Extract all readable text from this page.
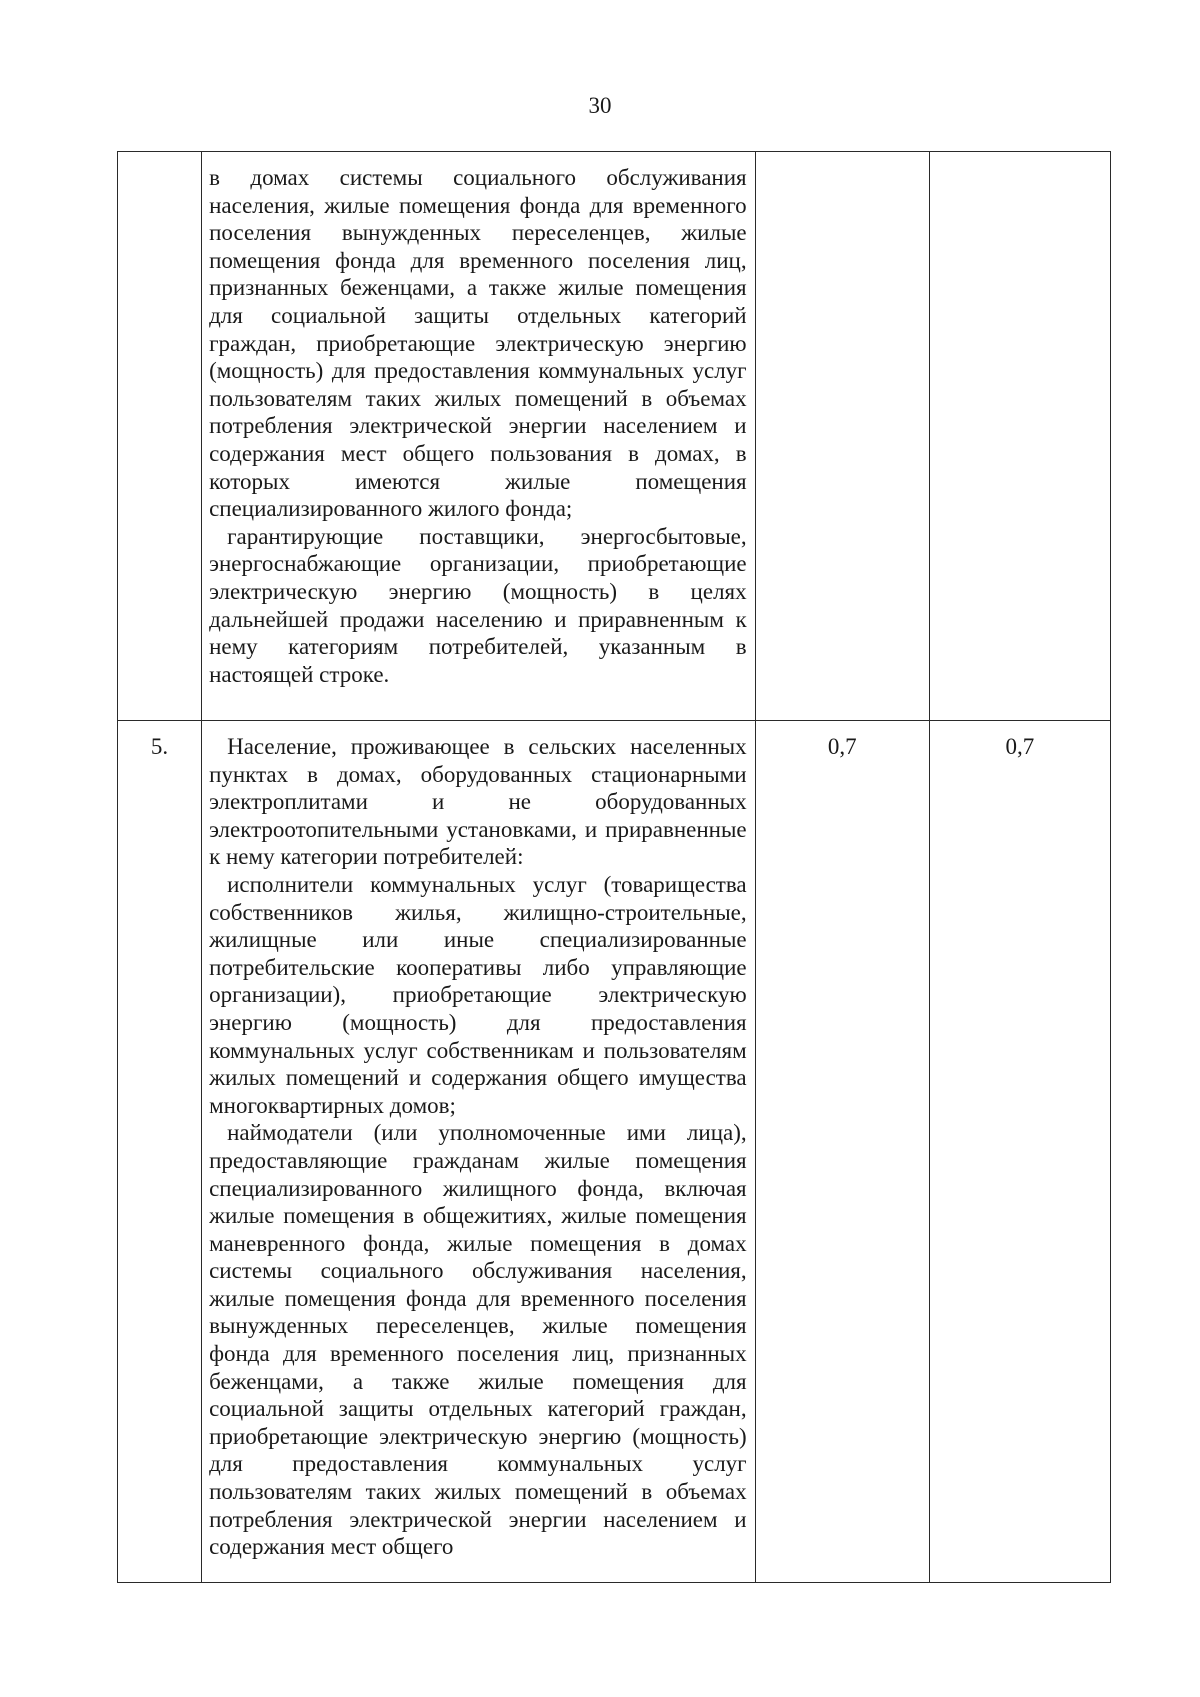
30

	в домах системы социального обслуживания населения, жилые помещения фонда для временного поселения вынужденных переселенцев, жилые помещения фонда для временного поселения лиц, признанных беженцами, а также жилые помещения для социальной защиты отдельных категорий граждан, приобретающие электрическую энергию (мощность) для предоставления коммунальных услуг пользователям таких жилых помещений в объемах потребления электрической энергии населением и содержания мест общего пользования в домах, в которых имеются жилые помещения специализированного жилого фонда;

гарантирующие поставщики, энергосбытовые, энергоснабжающие организации, приобретающие электрическую энергию (мощность) в целях дальнейшей продажи населению и приравненным к нему категориям потребителей, указанным в настоящей строке.		

5.	Население, проживающее в сельских населенных пунктах в домах, оборудованных стационарными электроплитами и не оборудованных электроотопительными установками, и приравненные к нему категории потребителей:

исполнители коммунальных услуг (товарищества собственников жилья, жилищно-строительные, жилищные или иные специализированные потребительские кооперативы либо управляющие организации), приобретающие электрическую энергию (мощность) для предоставления коммунальных услуг собственникам и пользователям жилых помещений и содержания общего имущества многоквартирных домов;

наймодатели (или уполномоченные ими лица), предоставляющие гражданам жилые помещения специализированного жилищного фонда, включая жилые помещения в общежитиях, жилые помещения маневренного фонда, жилые помещения в домах системы социального обслуживания населения, жилые помещения фонда для временного поселения вынужденных переселенцев, жилые помещения фонда для временного поселения лиц, признанных беженцами, а также жилые помещения для социальной защиты отдельных категорий граждан, приобретающие электрическую энергию (мощность) для предоставления коммунальных услуг пользователям таких жилых помещений в объемах потребления электрической энергии населением и содержания мест общего	0,7	0,7
